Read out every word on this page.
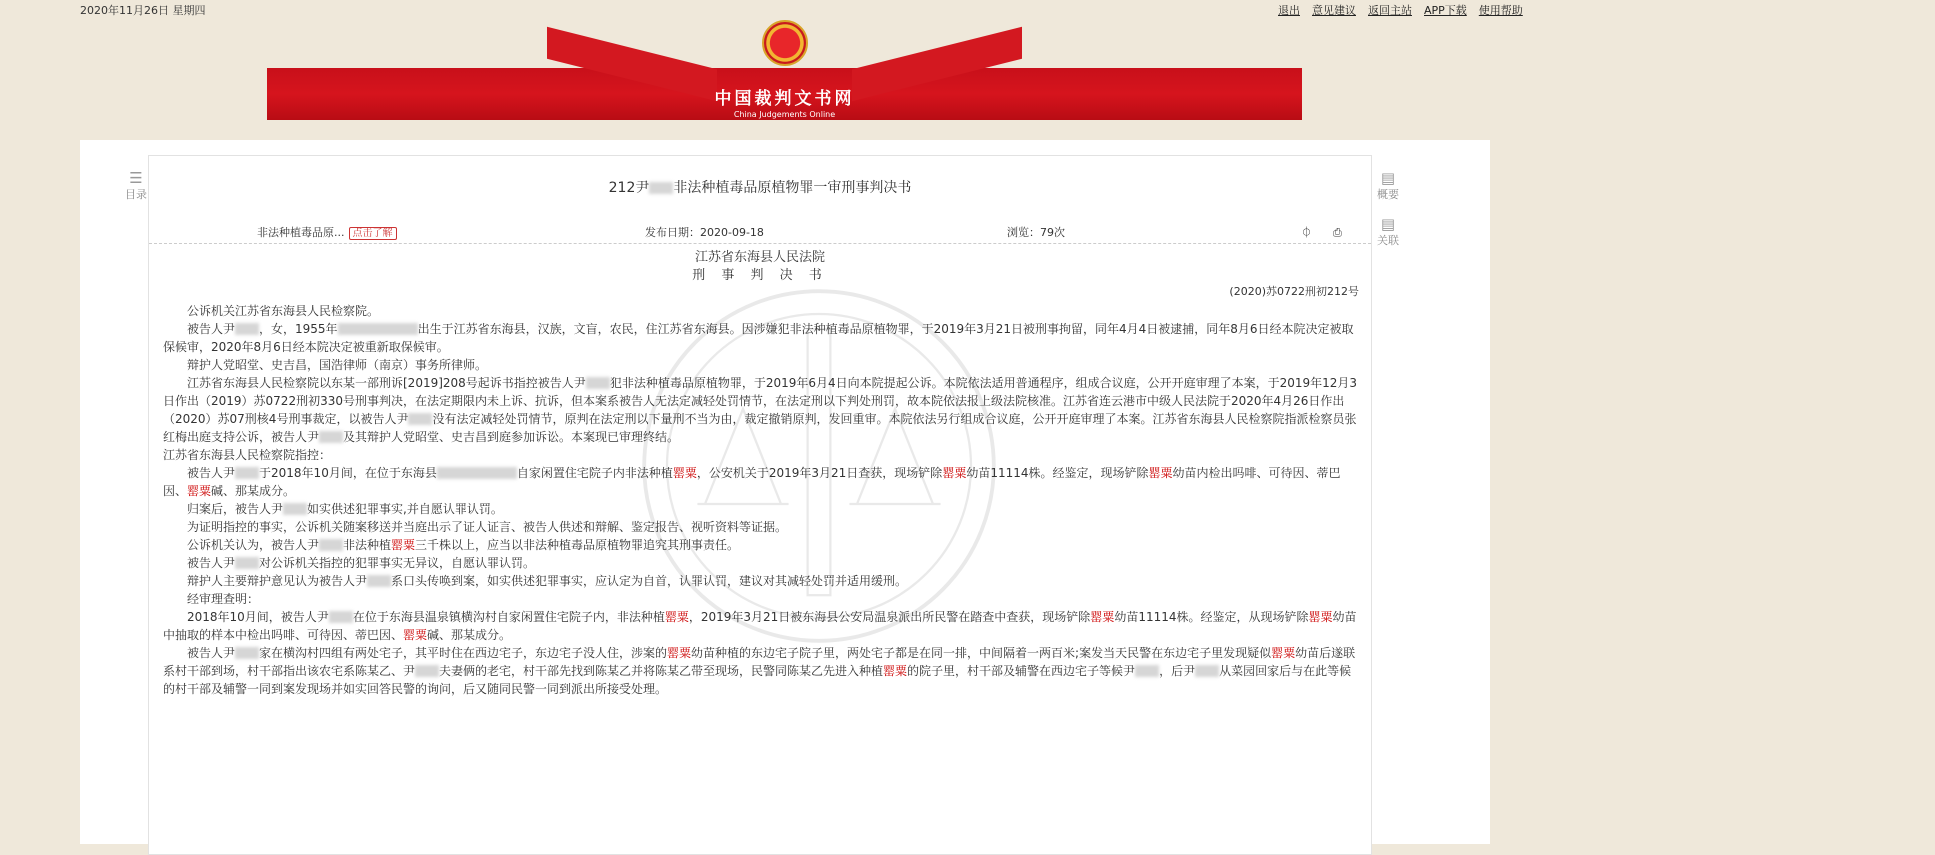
2020年11月26日 星期四	退出 意见建议 返回主站 APP下载 使用帮助
中国裁判文书网
China Judgements Online
☰
目录
▤
概要
▤
关联
212尹 非法种植毒品原植物罪一审刑事判决书
非法种植毒品原... 点击了解	发布日期：2020-09-18	浏览：79次	⏀ ⎙
江苏省东海县人民法院
刑 事 判 决 书
(2020)苏0722刑初212号

公诉机关江苏省东海县人民检察院。

被告人尹 ，女，1955年	出生于江苏省东海县，汉族，文盲，农民，住江苏省东海县。因涉嫌犯非法种植毒品原植物罪，于2019年3月21日被刑事拘留，同年4月4日被逮捕，同年8月6日经本院决定被取保候审，2020年8月6日经本院决定被重新取保候审。

辩护人党昭堂、史吉昌，国浩律师（南京）事务所律师。

江苏省东海县人民检察院以东某一部刑诉[2019]208号起诉书指控被告人尹 犯非法种植毒品原植物罪，于2019年6月4日向本院提起公诉。本院依法适用普通程序，组成合议庭，公开开庭审理了本案，于2019年12月3日作出（2019）苏0722刑初330号刑事判决，在法定期限内未上诉、抗诉，但本案系被告人无法定减轻处罚情节，在法定刑以下判处刑罚，故本院依法报上级法院核准。江苏省连云港市中级人民法院于2020年4月26日作出（2020）苏07刑核4号刑事裁定，以被告人尹 没有法定减轻处罚情节，原判在法定刑以下量刑不当为由，裁定撤销原判，发回重审。本院依法另行组成合议庭，公开开庭审理了本案。江苏省东海县人民检察院指派检察员张红梅出庭支持公诉，被告人尹 及其辩护人党昭堂、史吉昌到庭参加诉讼。本案现已审理终结。

江苏省东海县人民检察院指控：

被告人尹 于2018年10月间，在位于东海县	自家闲置住宅院子内非法种植罂粟，公安机关于2019年3月21日查获，现场铲除罂粟幼苗11114株。经鉴定，现场铲除罂粟幼苗内检出吗啡、可待因、蒂巴因、罂粟碱、那某成分。

归案后，被告人尹 如实供述犯罪事实,并自愿认罪认罚。

为证明指控的事实，公诉机关随案移送并当庭出示了证人证言、被告人供述和辩解、鉴定报告、视听资料等证据。

公诉机关认为，被告人尹 非法种植罂粟三千株以上，应当以非法种植毒品原植物罪追究其刑事责任。

被告人尹 对公诉机关指控的犯罪事实无异议，自愿认罪认罚。

辩护人主要辩护意见认为被告人尹 系口头传唤到案，如实供述犯罪事实，应认定为自首，认罪认罚，建议对其减轻处罚并适用缓刑。

经审理查明：

2018年10月间，被告人尹 在位于东海县温泉镇横沟村自家闲置住宅院子内，非法种植罂粟，2019年3月21日被东海县公安局温泉派出所民警在踏查中查获，现场铲除罂粟幼苗11114株。经鉴定，从现场铲除罂粟幼苗中抽取的样本中检出吗啡、可待因、蒂巴因、罂粟碱、那某成分。

被告人尹 家在横沟村四组有两处宅子，其平时住在西边宅子，东边宅子没人住，涉案的罂粟幼苗种植的东边宅子院子里，两处宅子都是在同一排，中间隔着一两百米;案发当天民警在东边宅子里发现疑似罂粟幼苗后遂联系村干部到场，村干部指出该农宅系陈某乙、尹 夫妻俩的老宅，村干部先找到陈某乙并将陈某乙带至现场，民警同陈某乙先进入种植罂粟的院子里，村干部及辅警在西边宅子等候尹 ，后尹 从菜园回家后与在此等候的村干部及辅警一同到案发现场并如实回答民警的询问，后又随同民警一同到派出所接受处理。
